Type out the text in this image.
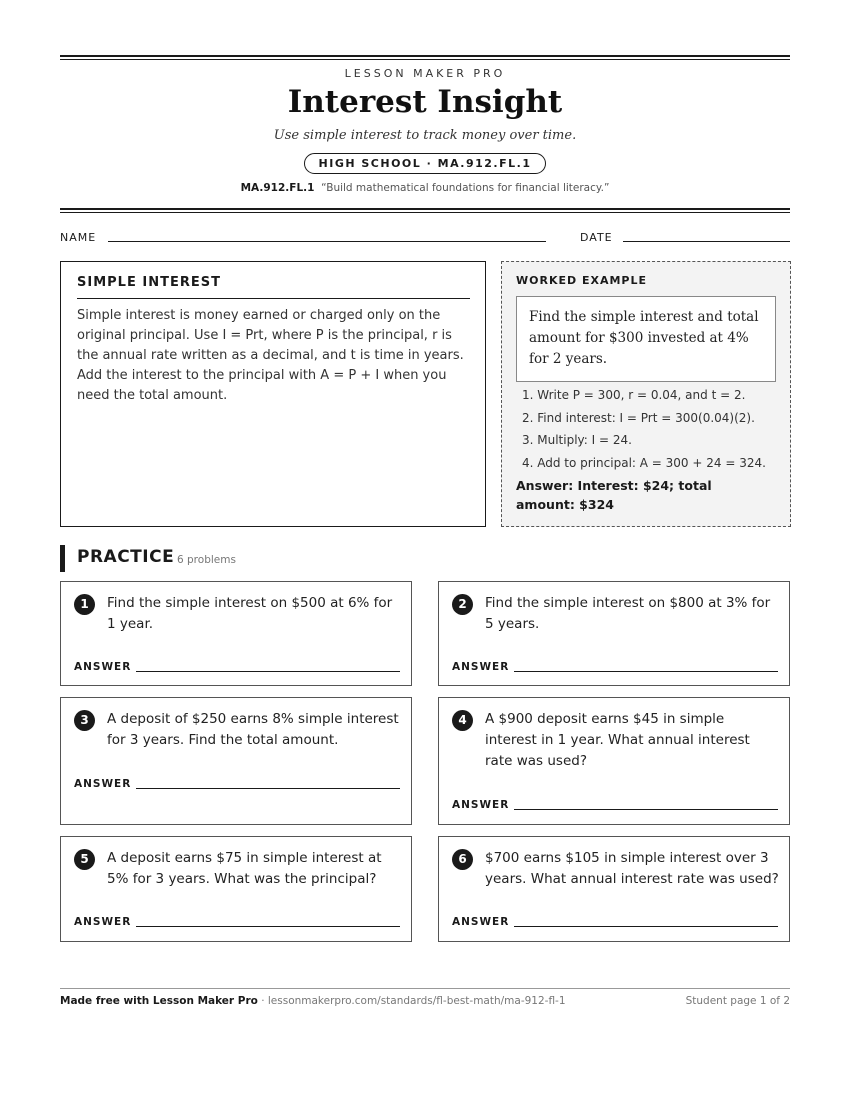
LESSON MAKER PRO
Interest Insight
Use simple interest to track money over time.
HIGH SCHOOL · MA.912.FL.1
MA.912.FL.1 “Build mathematical foundations for financial literacy.”
NAME	DATE
SIMPLE INTEREST
Simple interest is money earned or charged only on the original principal. Use I = Prt, where P is the principal, r is the annual rate written as a decimal, and t is time in years. Add the interest to the principal with A = P + I when you need the total amount.
WORKED EXAMPLE
Find the simple interest and total amount for $300 invested at 4% for 2 years.
1. Write P = 300, r = 0.04, and t = 2.
2. Find interest: I = Prt = 300(0.04)(2).
3. Multiply: I = 24.
4. Add to principal: A = 300 + 24 = 324.
Answer: Interest: $24; total amount: $324
PRACTICE 6 problems
1	Find the simple interest on $500 at 6% for 1 year.
ANSWER
2	Find the simple interest on $800 at 3% for 5 years.
ANSWER
3	A deposit of $250 earns 8% simple interest for 3 years. Find the total amount.
ANSWER
4	A $900 deposit earns $45 in simple interest in 1 year. What annual interest rate was used?
ANSWER
5	A deposit earns $75 in simple interest at 5% for 3 years. What was the principal?
ANSWER
6	$700 earns $105 in simple interest over 3 years. What annual interest rate was used?
ANSWER
Made free with Lesson Maker Pro · lessonmakerpro.com/standards/fl-best-math/ma-912-fl-1	Student page 1 of 2
